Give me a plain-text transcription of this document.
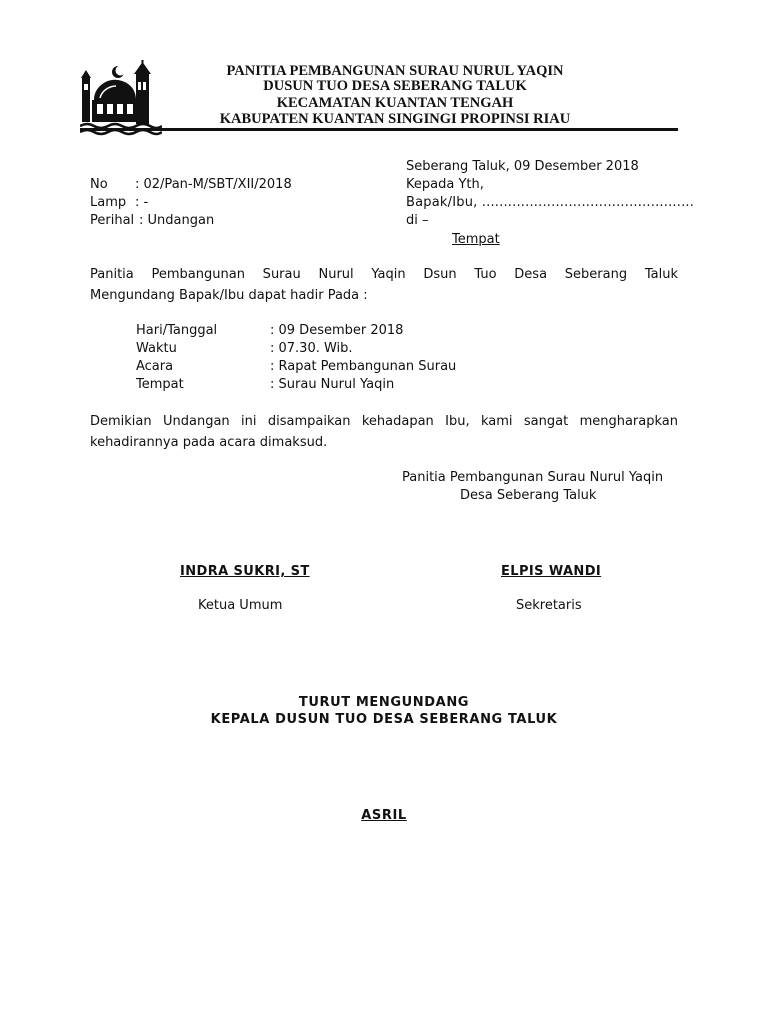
PANITIA PEMBANGUNAN SURAU NURUL YAQIN
DUSUN TUO DESA SEBERANG TALUK
KECAMATAN KUANTAN TENGAH
KABUPATEN KUANTAN SINGINGI PROPINSI RIAU
Seberang Taluk, 09 Desember 2018
No : 02/Pan-M/SBT/XII/2018
Lamp : -
Perihal : Undangan
Kepada Yth,
Bapak/Ibu, .................................................
di –
Tempat
Panitia Pembangunan Surau Nurul Yaqin Dsun Tuo Desa Seberang Taluk
Mengundang Bapak/Ibu dapat hadir Pada :
Hari/Tanggal	: 09 Desember 2018
Waktu	: 07.30. Wib.
Acara	: Rapat Pembangunan Surau
Tempat	: Surau Nurul Yaqin
Demikian Undangan ini disampaikan kehadapan Ibu, kami sangat mengharapkan
kehadirannya pada acara dimaksud.
Panitia Pembangunan Surau Nurul Yaqin
Desa Seberang Taluk
INDRA SUKRI, ST
Ketua Umum
ELPIS WANDI
Sekretaris
TURUT MENGUNDANG
KEPALA DUSUN TUO DESA SEBERANG TALUK
ASRIL
